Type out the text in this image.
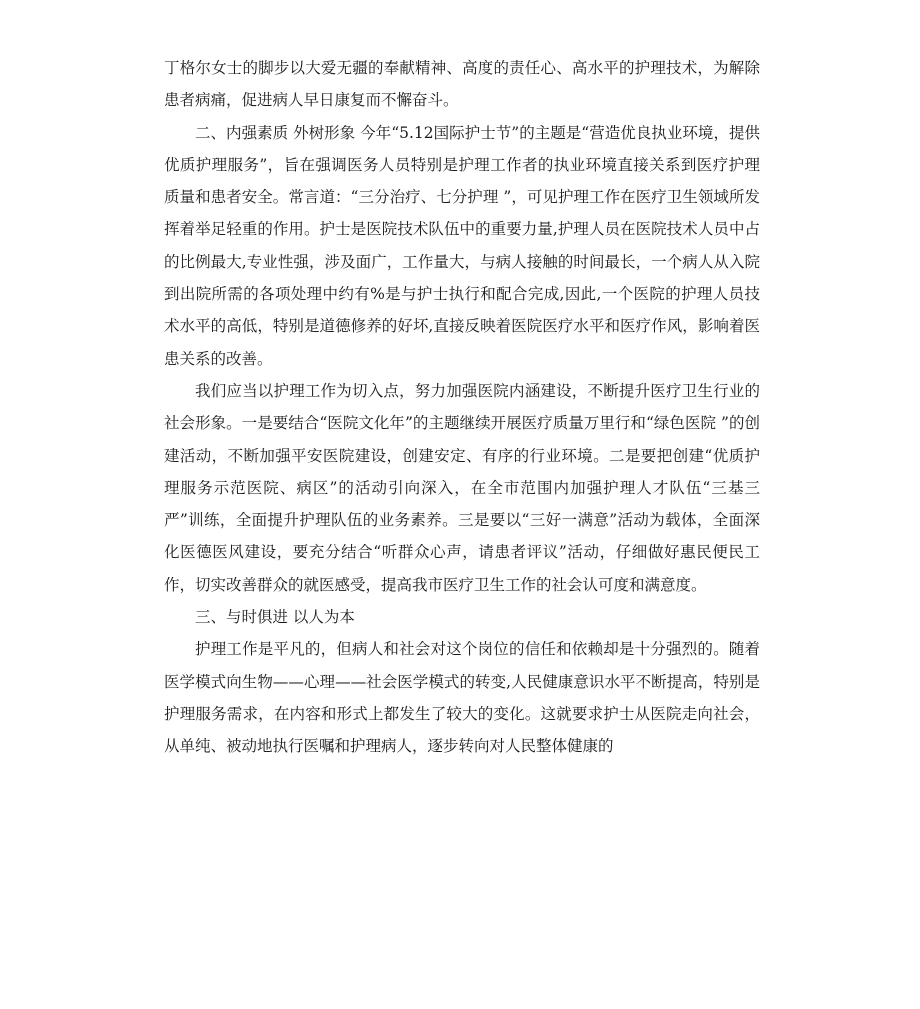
丁格尔女士的脚步以大爱无疆的奉献精神、高度的责任心、高水平的护理技术，为解除患者病痛，促进病人早日康复而不懈奋斗。

二、内强素质 外树形象 今年“5.12国际护士节”的主题是“营造优良执业环境，提供优质护理服务”，旨在强调医务人员特别是护理工作者的执业环境直接关系到医疗护理质量和患者安全。常言道：“三分治疗、七分护理 ”，可见护理工作在医疗卫生领域所发挥着举足轻重的作用。护士是医院技术队伍中的重要力量,护理人员在医院技术人员中占的比例最大,专业性强，涉及面广，工作量大，与病人接触的时间最长，一个病人从入院到出院所需的各项处理中约有%是与护士执行和配合完成,因此,一个医院的护理人员技术水平的高低，特别是道德修养的好坏,直接反映着医院医疗水平和医疗作风，影响着医患关系的改善。

我们应当以护理工作为切入点，努力加强医院内涵建设，不断提升医疗卫生行业的社会形象。一是要结合“医院文化年”的主题继续开展医疗质量万里行和“绿色医院 ”的创建活动，不断加强平安医院建设，创建安定、有序的行业环境。二是要把创建“优质护理服务示范医院、病区”的活动引向深入，在全市范围内加强护理人才队伍“三基三严”训练，全面提升护理队伍的业务素养。三是要以“三好一满意”活动为载体，全面深化医德医风建设，要充分结合“听群众心声，请患者评议”活动，仔细做好惠民便民工作，切实改善群众的就医感受，提高我市医疗卫生工作的社会认可度和满意度。

三、与时俱进 以人为本

护理工作是平凡的，但病人和社会对这个岗位的信任和依赖却是十分强烈的。随着医学模式向生物——心理——社会医学模式的转变,人民健康意识水平不断提高，特别是护理服务需求，在内容和形式上都发生了较大的变化。这就要求护士从医院走向社会，从单纯、被动地执行医嘱和护理病人，逐步转向对人民整体健康的
